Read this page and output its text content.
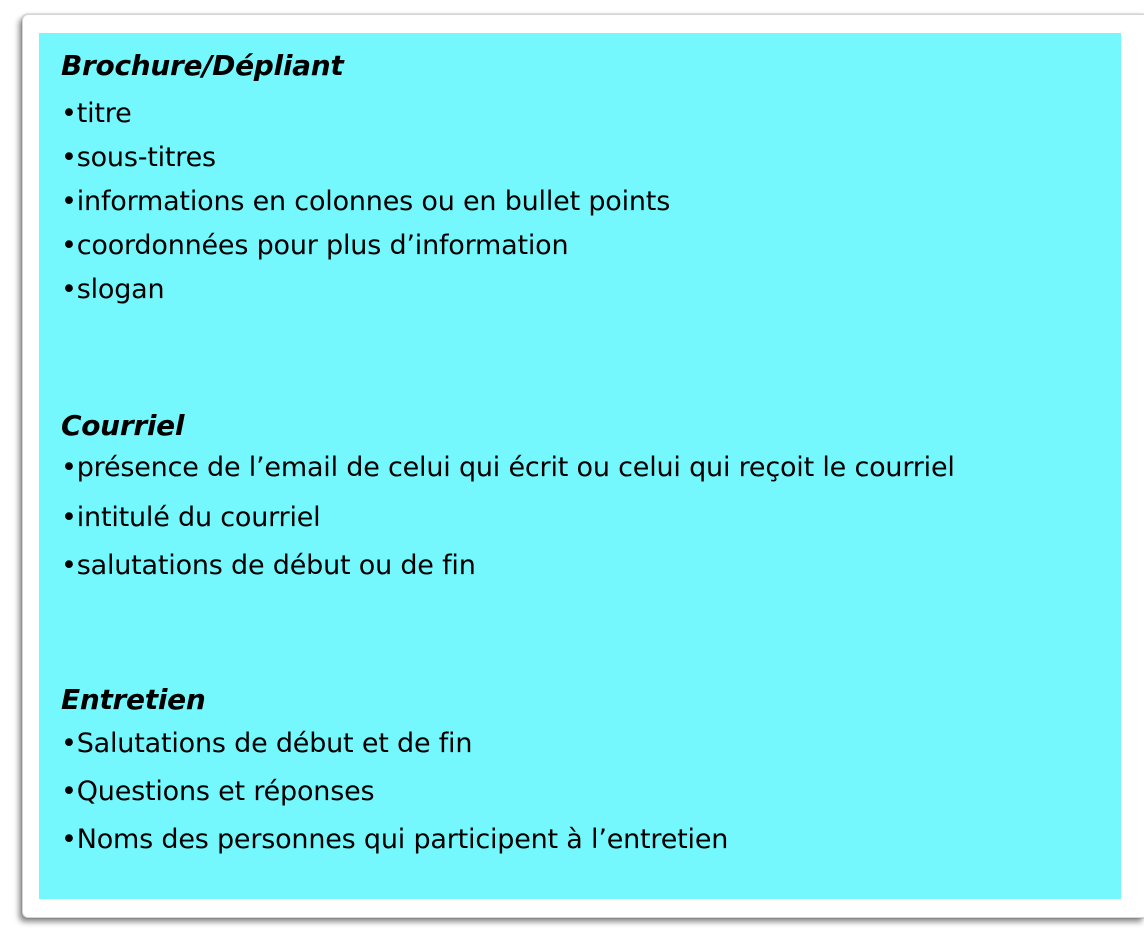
Brochure/Dépliant
•titre
•sous-titres
•informations en colonnes ou en bullet points
•coordonnées pour plus d’information
•slogan
Courriel
•présence de l’email de celui qui écrit ou celui qui reçoit le courriel
•intitulé du courriel
•salutations de début ou de fin
Entretien
•Salutations de début et de fin
•Questions et réponses
•Noms des personnes qui participent à l’entretien
